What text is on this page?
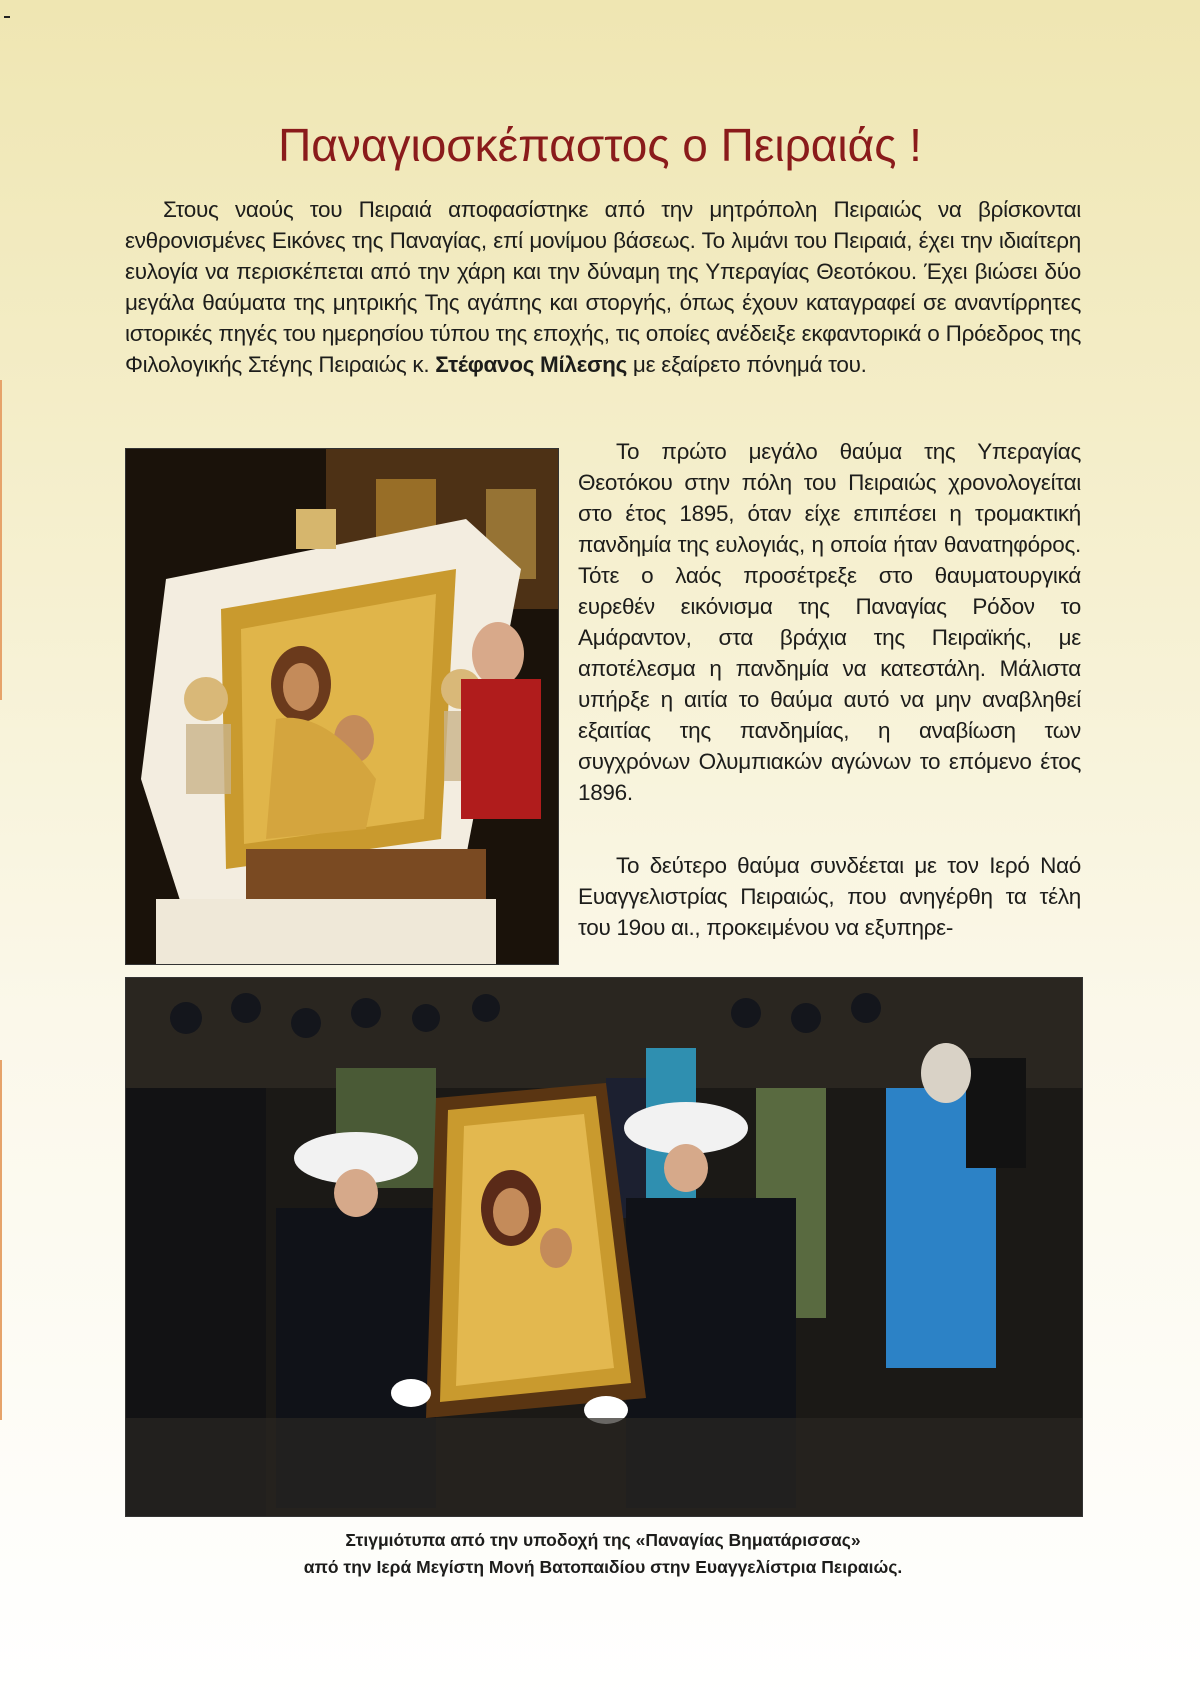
Παναγιοσκέπαστος ο Πειραιάς !

Στους ναούς του Πειραιά αποφασίστηκε από την μητρόπολη Πειραιώς να βρίσκονται ενθρονισμένες Εικόνες της Παναγίας, επί μονίμου βάσεως. Το λιμάνι του Πειραιά, έχει την ιδιαίτερη ευλογία να περισκέπεται από την χάρη και την δύναμη της Υπεραγίας Θεοτόκου. Έχει βιώσει δύο μεγάλα θαύματα της μητρικής Της αγάπης και στοργής, όπως έχουν καταγραφεί σε αναντίρρητες ιστορικές πηγές του ημερησίου τύπου της εποχής, τις οποίες ανέδειξε εκφαντορικά ο Πρόεδρος της Φιλολογικής Στέγης Πειραιώς κ. Στέφανος Μίλεσης με εξαίρετο πόνημά του.

Το πρώτο μεγάλο θαύμα της Υπεραγίας Θεοτόκου στην πόλη του Πειραιώς χρονολογείται στο έτος 1895, όταν είχε επιπέσει η τρομακτική πανδημία της ευλογιάς, η οποία ήταν θανατηφόρος. Τότε ο λαός προσέτρεξε στο θαυματουργικά ευρεθέν εικόνισμα της Παναγίας Ρόδον το Αμάραντον, στα βράχια της Πειραϊκής, με αποτέλεσμα η πανδημία να κατεστάλη. Μάλιστα υπήρξε η αιτία το θαύμα αυτό να μην αναβληθεί εξαιτίας της πανδημίας, η αναβίωση των συγχρόνων Ολυμπιακών αγώνων το επόμενο έτος 1896.

Το δεύτερο θαύμα συνδέεται με τον Ιερό Ναό Ευαγγελιστρίας Πειραιώς, που ανηγέρθη τα τέλη του 19ου αι., προκειμένου να εξυπηρε-

Στιγμιότυπα από την υποδοχή της «Παναγίας Βηματάρισσας»
από την Ιερά Μεγίστη Μονή Βατοπαιδίου στην Ευαγγελίστρια Πειραιώς.
